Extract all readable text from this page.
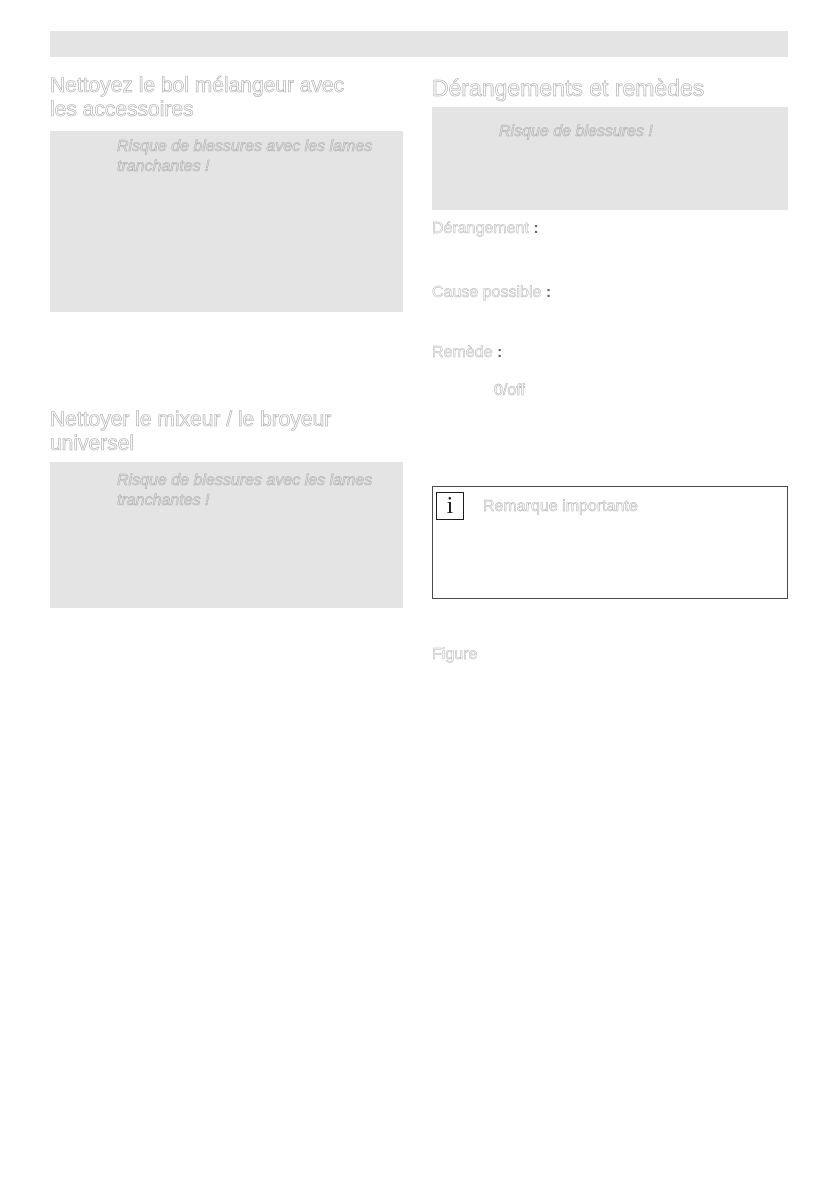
Nettoyez le bol mélangeur avec
les accessoires
Risque de blessures avec les lames
tranchantes !
Nettoyer le mixeur / le broyeur
universel
Risque de blessures avec les lames
tranchantes !
Dérangements et remèdes
Risque de blessures !
Dérangement :
Cause possible :
Remède :
0/off
i	Remarque importante
Figure
